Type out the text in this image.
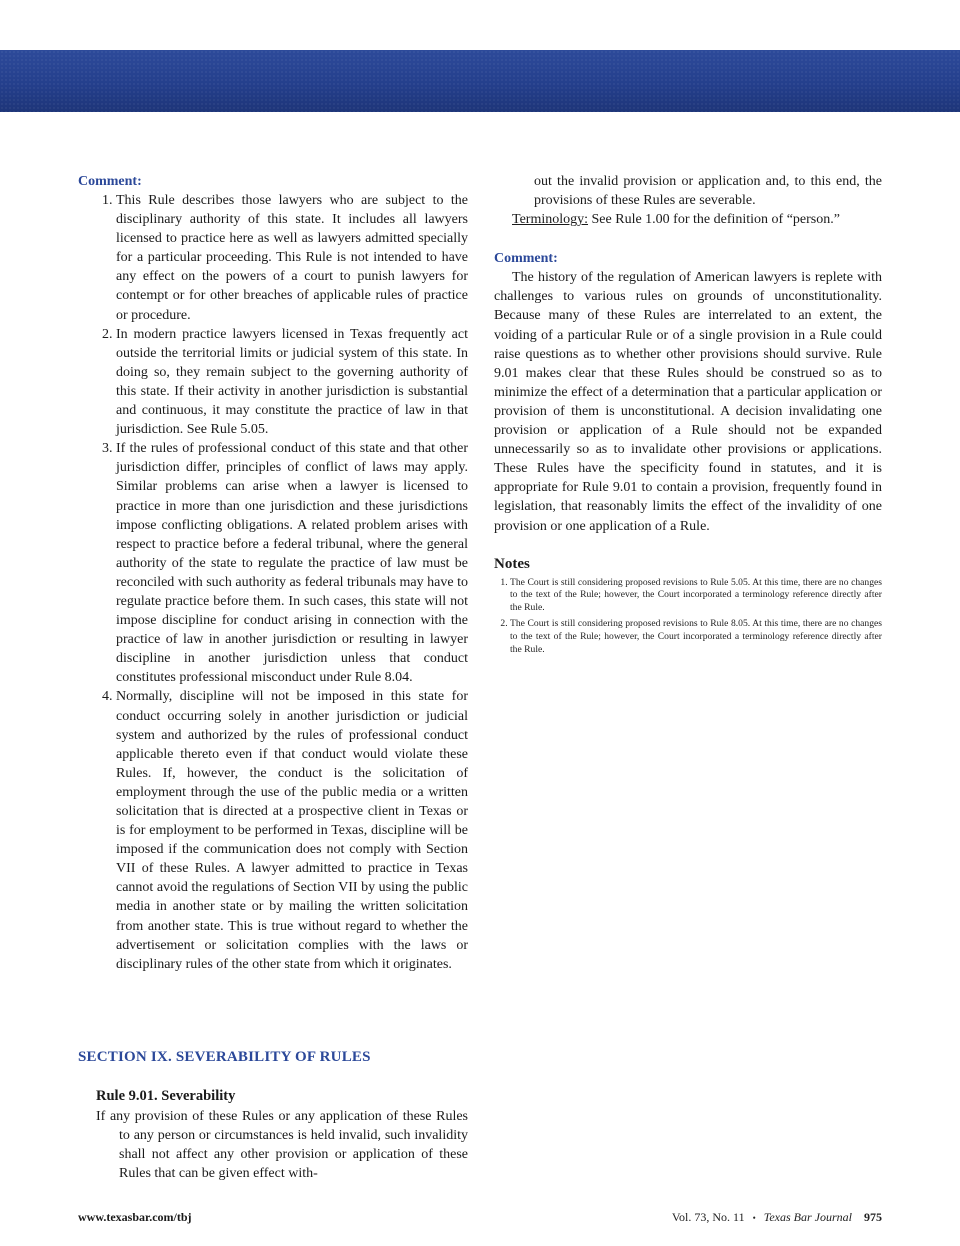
Comment:
1. This Rule describes those lawyers who are subject to the disciplinary authority of this state. It includes all lawyers licensed to practice here as well as lawyers admitted specially for a particular proceeding. This Rule is not intended to have any effect on the powers of a court to punish lawyers for contempt or for other breaches of applicable rules of practice or procedure.
2. In modern practice lawyers licensed in Texas frequently act outside the territorial limits or judicial system of this state. In doing so, they remain subject to the governing authority of this state. If their activity in another jurisdiction is substantial and continuous, it may constitute the practice of law in that jurisdiction. See Rule 5.05.
3. If the rules of professional conduct of this state and that other jurisdiction differ, principles of conflict of laws may apply. Similar problems can arise when a lawyer is licensed to practice in more than one jurisdiction and these jurisdictions impose conflicting obligations. A related problem arises with respect to practice before a federal tribunal, where the general authority of the state to regulate the practice of law must be reconciled with such authority as federal tribunals may have to regulate practice before them. In such cases, this state will not impose discipline for conduct arising in connection with the practice of law in another jurisdiction or resulting in lawyer discipline in another jurisdiction unless that conduct constitutes professional misconduct under Rule 8.04.
4. Normally, discipline will not be imposed in this state for conduct occurring solely in another jurisdiction or judicial system and authorized by the rules of professional conduct applicable thereto even if that conduct would violate these Rules. If, however, the conduct is the solicitation of employment through the use of the public media or a written solicitation that is directed at a prospective client in Texas or is for employment to be performed in Texas, discipline will be imposed if the communication does not comply with Section VII of these Rules. A lawyer admitted to practice in Texas cannot avoid the regulations of Section VII by using the public media in another state or by mailing the written solicitation from another state. This is true without regard to whether the advertisement or solicitation complies with the laws or disciplinary rules of the other state from which it originates.
SECTION IX. SEVERABILITY OF RULES
Rule 9.01. Severability
If any provision of these Rules or any application of these Rules to any person or circumstances is held invalid, such invalidity shall not affect any other provision or application of these Rules that can be given effect with-

out the invalid provision or application and, to this end, the provisions of these Rules are severable.

Terminology: See Rule 1.00 for the definition of “person.”

Comment:

The history of the regulation of American lawyers is replete with challenges to various rules on grounds of unconstitutionality. Because many of these Rules are interrelated to an extent, the voiding of a particular Rule or of a single provision in a Rule could raise questions as to whether other provisions should survive. Rule 9.01 makes clear that these Rules should be construed so as to minimize the effect of a determination that a particular application or provision of them is unconstitutional. A decision invalidating one provision or application of a Rule should not be expanded unnecessarily so as to invalidate other provisions or applications. These Rules have the specificity found in statutes, and it is appropriate for Rule 9.01 to contain a provision, frequently found in legislation, that reasonably limits the effect of the invalidity of one provision or one application of a Rule.

Notes
1. The Court is still considering proposed revisions to Rule 5.05. At this time, there are no changes to the text of the Rule; however, the Court incorporated a terminology reference directly after the Rule.
2. The Court is still considering proposed revisions to Rule 8.05. At this time, there are no changes to the text of the Rule; however, the Court incorporated a terminology reference directly after the Rule.
www.texasbar.com/tbj	Vol. 73, No. 11 • Texas Bar Journal 975
